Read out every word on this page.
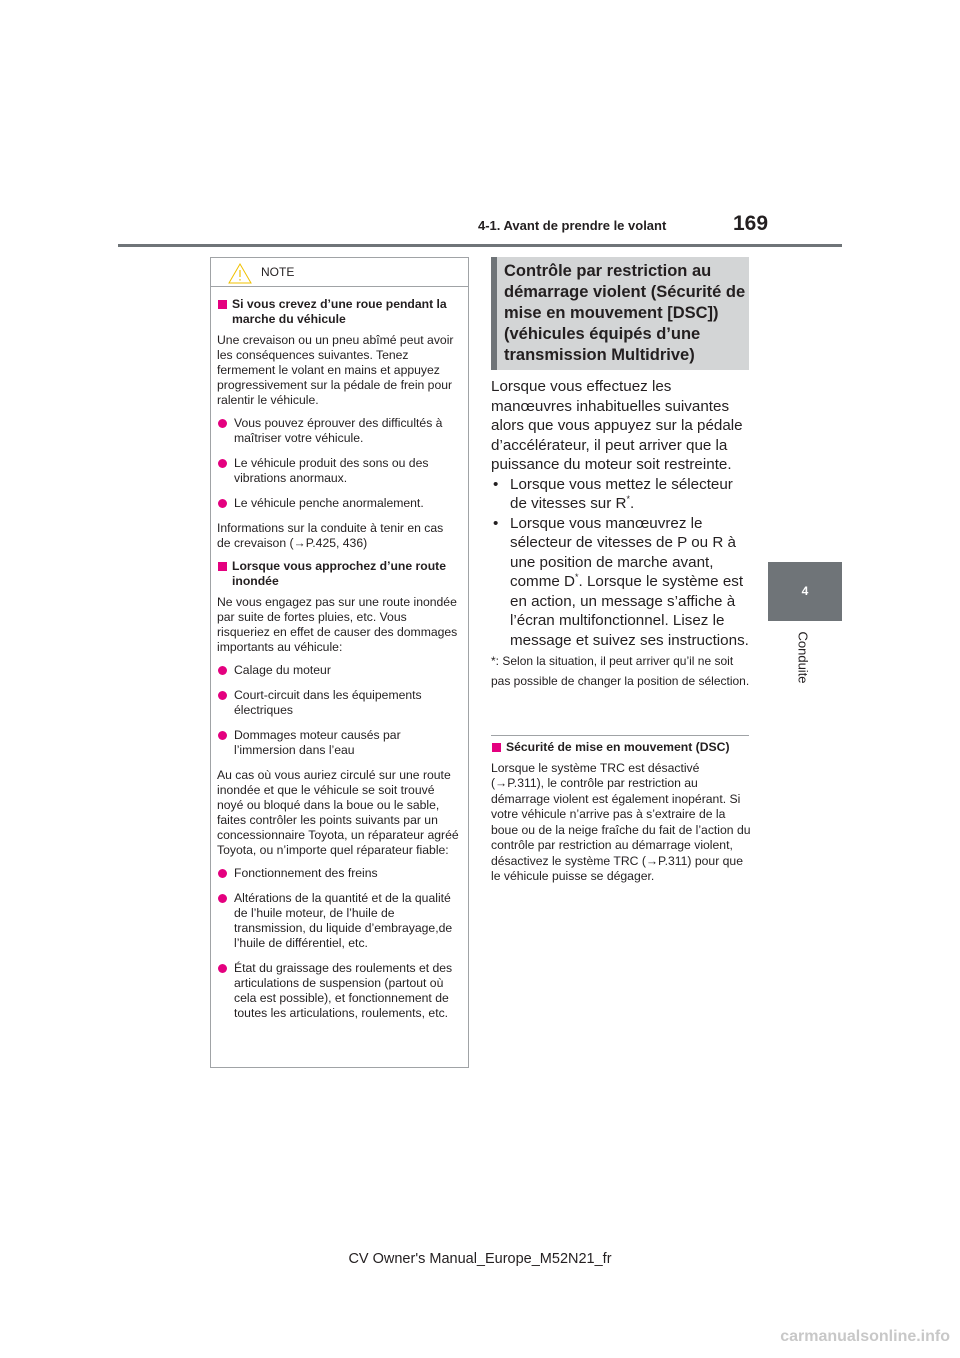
4-1. Avant de prendre le volant	169
4
Conduite
NOTE
Si vous crevez d’une roue pendant la marche du véhicule
Une crevaison ou un pneu abîmé peut avoir les conséquences suivantes. Tenez fermement le volant en mains et appuyez progressivement sur la pédale de frein pour ralentir le véhicule.
Vous pouvez éprouver des difficultés à maîtriser votre véhicule.
Le véhicule produit des sons ou des vibrations anormaux.
Le véhicule penche anormalement.
Informations sur la conduite à tenir en cas de crevaison (→P.425, 436)
Lorsque vous approchez d’une route inondée
Ne vous engagez pas sur une route inondée par suite de fortes pluies, etc. Vous risqueriez en effet de causer des dommages importants au véhicule:
Calage du moteur
Court-circuit dans les équipements électriques
Dommages moteur causés par l’immersion dans l’eau
Au cas où vous auriez circulé sur une route inondée et que le véhicule se soit trouvé noyé ou bloqué dans la boue ou le sable, faites contrôler les points suivants par un concessionnaire Toyota, un réparateur agréé Toyota, ou n’importe quel réparateur fiable:
Fonctionnement des freins
Altérations de la quantité et de la qualité de l’huile moteur, de l’huile de transmission, du liquide d’embrayage,de l’huile de différentiel, etc.
État du graissage des roulements et des articulations de suspension (partout où cela est possible), et fonctionnement de toutes les articulations, roulements, etc.
Contrôle par restriction au démarrage violent (Sécurité de mise en mouvement [DSC]) (véhicules équipés d’une transmission Multidrive)
Lorsque vous effectuez les manœuvres inhabituelles suivantes alors que vous appuyez sur la pédale d’accélérateur, il peut arriver que la puissance du moteur soit restreinte.
• Lorsque vous mettez le sélecteur de vitesses sur R*.
• Lorsque vous manœuvrez le sélecteur de vitesses de P ou R à une position de marche avant, comme D*. Lorsque le système est en action, un message s’affiche à l’écran multifonctionnel. Lisez le message et suivez ses instructions.
*: Selon la situation, il peut arriver qu’il ne soit pas possible de changer la position de sélection.
Sécurité de mise en mouvement (DSC)
Lorsque le système TRC est désactivé (→P.311), le contrôle par restriction au démarrage violent est également inopérant. Si votre véhicule n’arrive pas à s’extraire de la boue ou de la neige fraîche du fait de l’action du contrôle par restriction au démarrage violent, désactivez le système TRC (→P.311) pour que le véhicule puisse se dégager.
CV Owner's Manual_Europe_M52N21_fr
carmanualsonline.info
